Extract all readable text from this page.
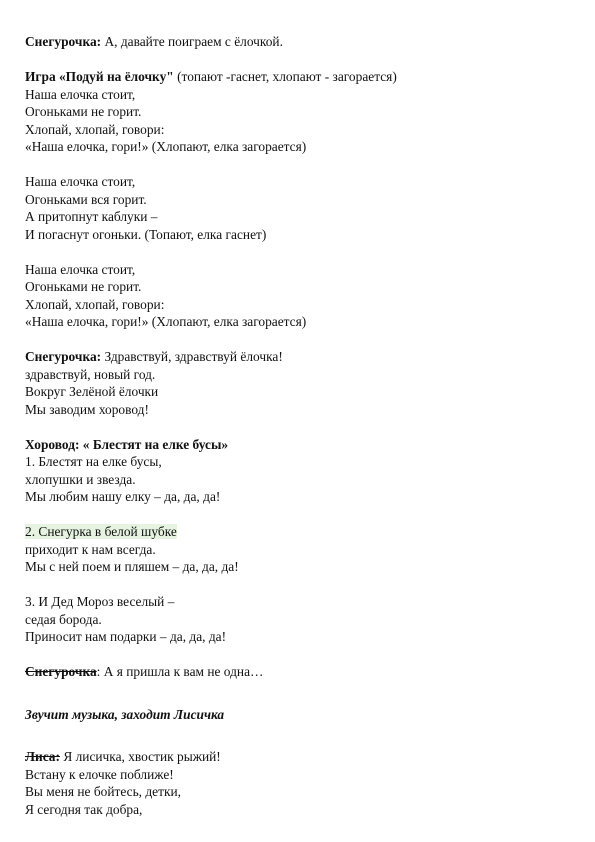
Снегурочка: А, давайте поиграем с ёлочкой.

Игра «Подуй на ёлочку" (топают -гаснет, хлопают - загорается)

Наша елочка стоит,

Огоньками не горит.

Хлопай, хлопай, говори:

«Наша елочка, гори!» (Хлопают, елка загорается)

Наша елочка стоит,

Огоньками вся горит.

А притопнут каблуки –

И погаснут огоньки. (Топают, елка гаснет)

Наша елочка стоит,

Огоньками не горит.

Хлопай, хлопай, говори:

«Наша елочка, гори!» (Хлопают, елка загорается)

Снегурочка: Здравствуй, здравствуй ёлочка!

здравствуй, новый год.

Вокруг Зелёной ёлочки

Мы заводим хоровод!

Хоровод: « Блестят на елке бусы»

1. Блестят на елке бусы,

хлопушки и звезда.

Мы любим нашу елку – да, да, да!

2. Снегурка в белой шубке

приходит к нам всегда.

Мы с ней поем и пляшем – да, да, да!

3. И Дед Мороз веселый –

седая борода.

Приносит нам подарки – да, да, да!

Снегурочка: А я пришла к вам не одна…

Звучит музыка, заходит Лисичка

Лиса: Я лисичка, хвостик рыжий!

Встану к елочке поближе!

Вы меня не бойтесь, детки,

Я сегодня так добра,
